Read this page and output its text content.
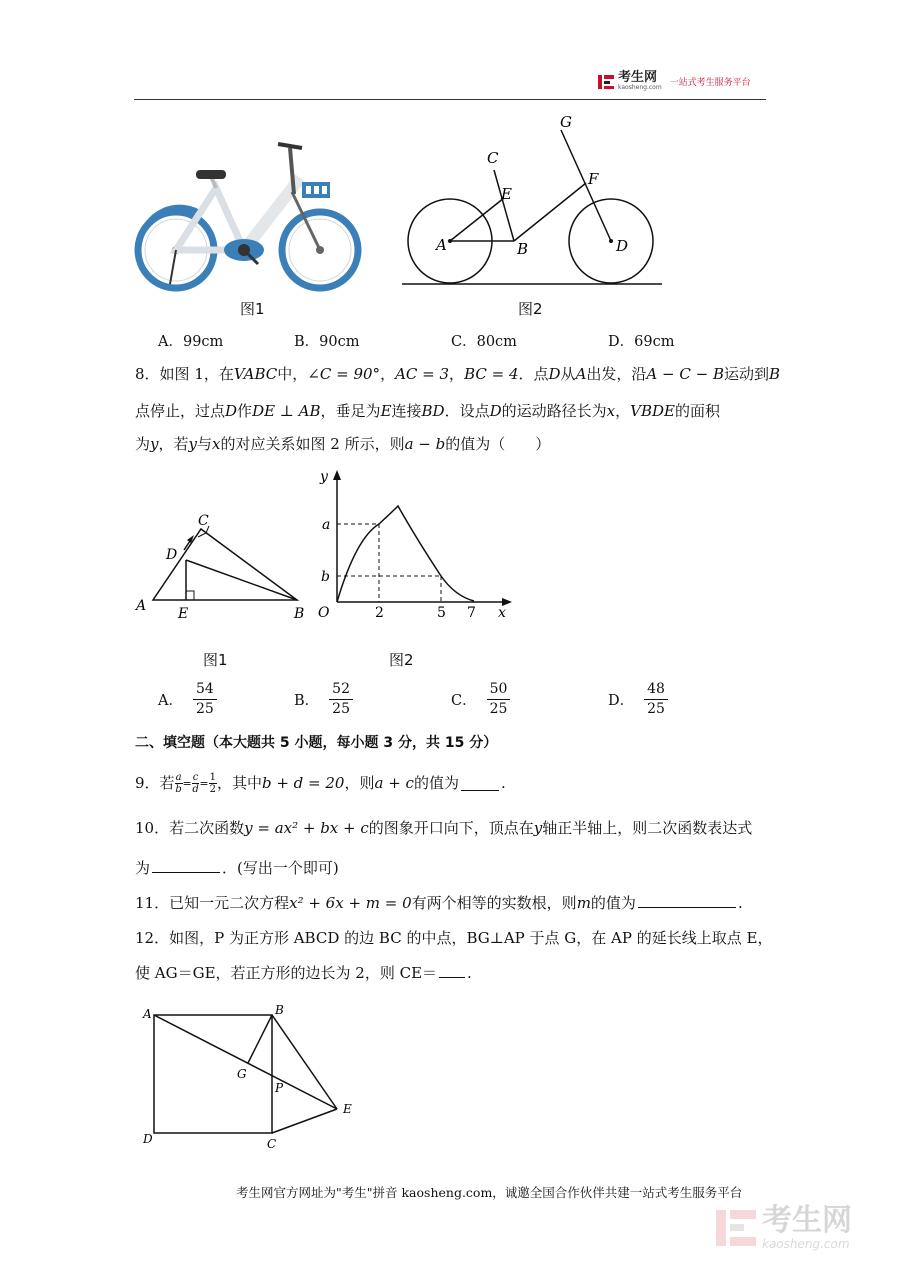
考生网
kaosheng.com 一站式考生服务平台
图1
A	B
C
D
E
F
G
图2
A．99cm	B．90cm	C．80cm	D．69cm
8．如图 1，在VABC中，∠C = 90°，AC = 3，BC = 4．点D从A出发，沿A − C − B运动到B
点停止，过点D作DE ⊥ AB，垂足为E连接BD．设点D的运动路径长为x，VBDE的面积
为y，若y与x的对应关系如图 2 所示，则a − b的值为（　　）
A	B
C
D
E
图1
y
x
O
a
b
2	5 7
图2
A． $\frac{54}{25}$	B． $\frac{52}{25}$	C． $\frac{50}{25}$	D． $\frac{48}{25}$
二、填空题（本大题共 5 小题，每小题 3 分，共 15 分）
9． 若 $\frac{a}{b} = \frac{c}{d} = \frac{1}{2}$ ，其中 b + d = 20 ，则 a + c 的值为	.
10．若二次函数y = ax² + bx + c的图象开口向下，顶点在y轴正半轴上，则二次函数表达式
为	．(写出一个即可)
11．已知一元二次方程x² + 6x + m = 0有两个相等的实数根，则m的值为	.
12．如图，P 为正方形 ABCD 的边 BC 的中点，BG⊥AP 于点 G，在 AP 的延长线上取点 E，
使 AG＝GE，若正方形的边长为 2，则 CE＝ .
A	B
C
D
E
G
P
考生网官方网址为"考生"拼音 kaosheng.com，诚邀全国合作伙伴共建一站式考生服务平台
考生网
kaosheng.com
